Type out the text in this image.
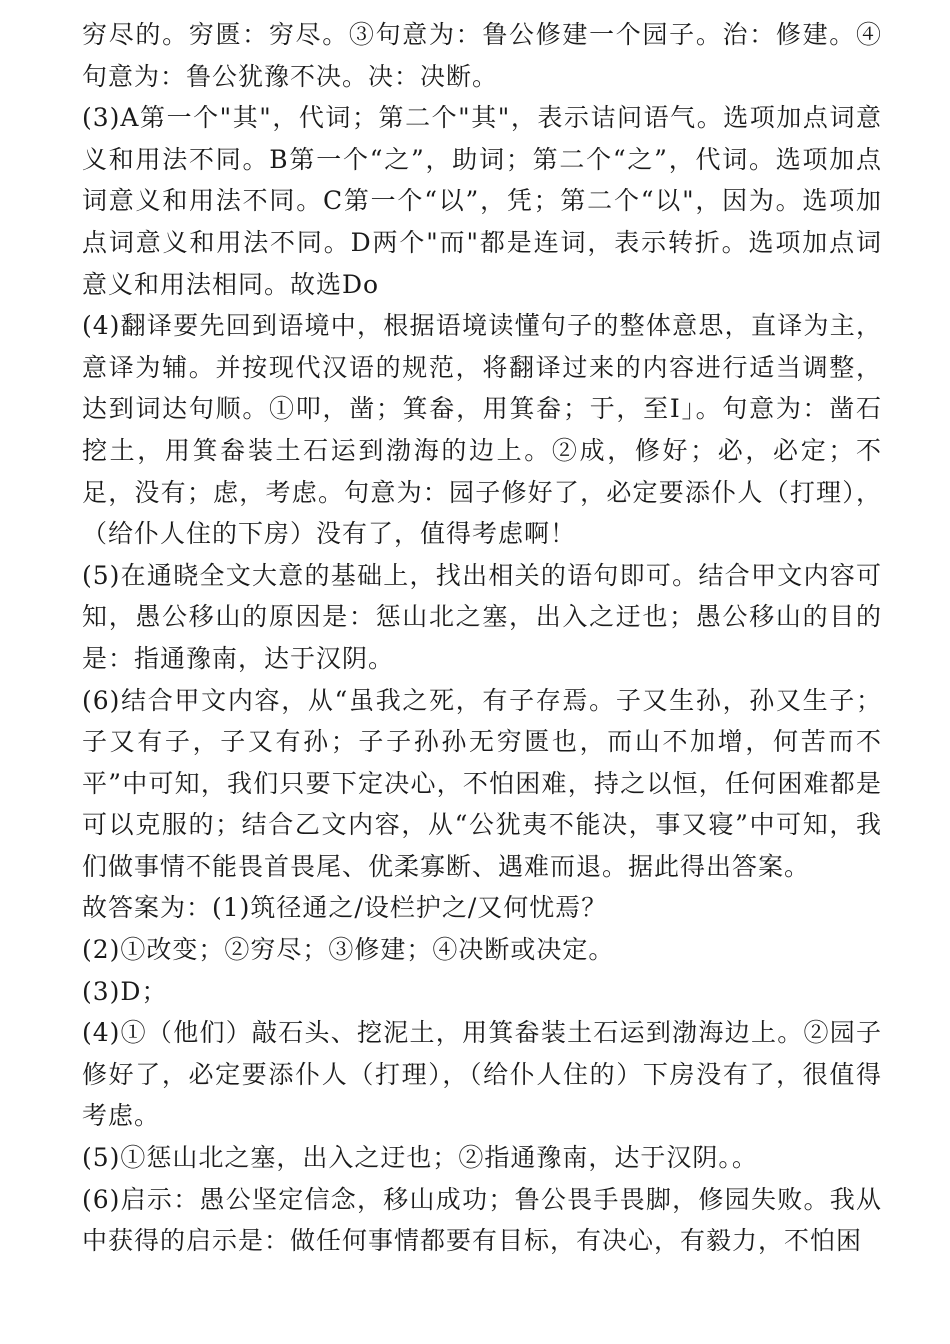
穷尽的。穷匮：穷尽。③句意为：鲁公修建一个园子。治：修建。④句意为：鲁公犹豫不决。决：决断。

(3)A第一个"其"，代词；第二个"其"，表示诘问语气。选项加点词意义和用法不同。B第一个“之”，助词；第二个“之”，代词。选项加点词意义和用法不同。C第一个“以”，凭；第二个“以"，因为。选项加点词意义和用法不同。D两个"而"都是连词，表示转折。选项加点词意义和用法相同。故选Do

(4)翻译要先回到语境中，根据语境读懂句子的整体意思，直译为主，意译为辅。并按现代汉语的规范，将翻译过来的内容进行适当调整，达到词达句顺。①叩，凿；箕畚，用箕畚；于，至I」。句意为：凿石挖土，用箕畚装土石运到渤海的边上。②成，修好；必，必定；不足，没有；虑，考虑。句意为：园子修好了，必定要添仆人（打理），（给仆人住的下房）没有了，值得考虑啊！

(5)在通晓全文大意的基础上，找出相关的语句即可。结合甲文内容可知，愚公移山的原因是：惩山北之塞，出入之迂也；愚公移山的目的是：指通豫南，达于汉阴。

(6)结合甲文内容，从“虽我之死，有子存焉。子又生孙，孙又生子；子又有子，子又有孙；子子孙孙无穷匮也，而山不加增，何苦而不平”中可知，我们只要下定决心，不怕困难，持之以恒，任何困难都是可以克服的；结合乙文内容，从“公犹夷不能决，事又寝”中可知，我们做事情不能畏首畏尾、优柔寡断、遇难而退。据此得出答案。

故答案为：(1)筑径通之/设栏护之/又何忧焉？

(2)①改变；②穷尽；③修建；④决断或决定。

(3)D；

(4)①（他们）敲石头、挖泥土，用箕畚装土石运到渤海边上。②园子修好了，必定要添仆人（打理），（给仆人住的）下房没有了，很值得考虑。

(5)①惩山北之塞，出入之迂也；②指通豫南，达于汉阴。。

(6)启示：愚公坚定信念，移山成功；鲁公畏手畏脚，修园失败。我从中获得的启示是：做任何事情都要有目标，有决心，有毅力，不怕困
